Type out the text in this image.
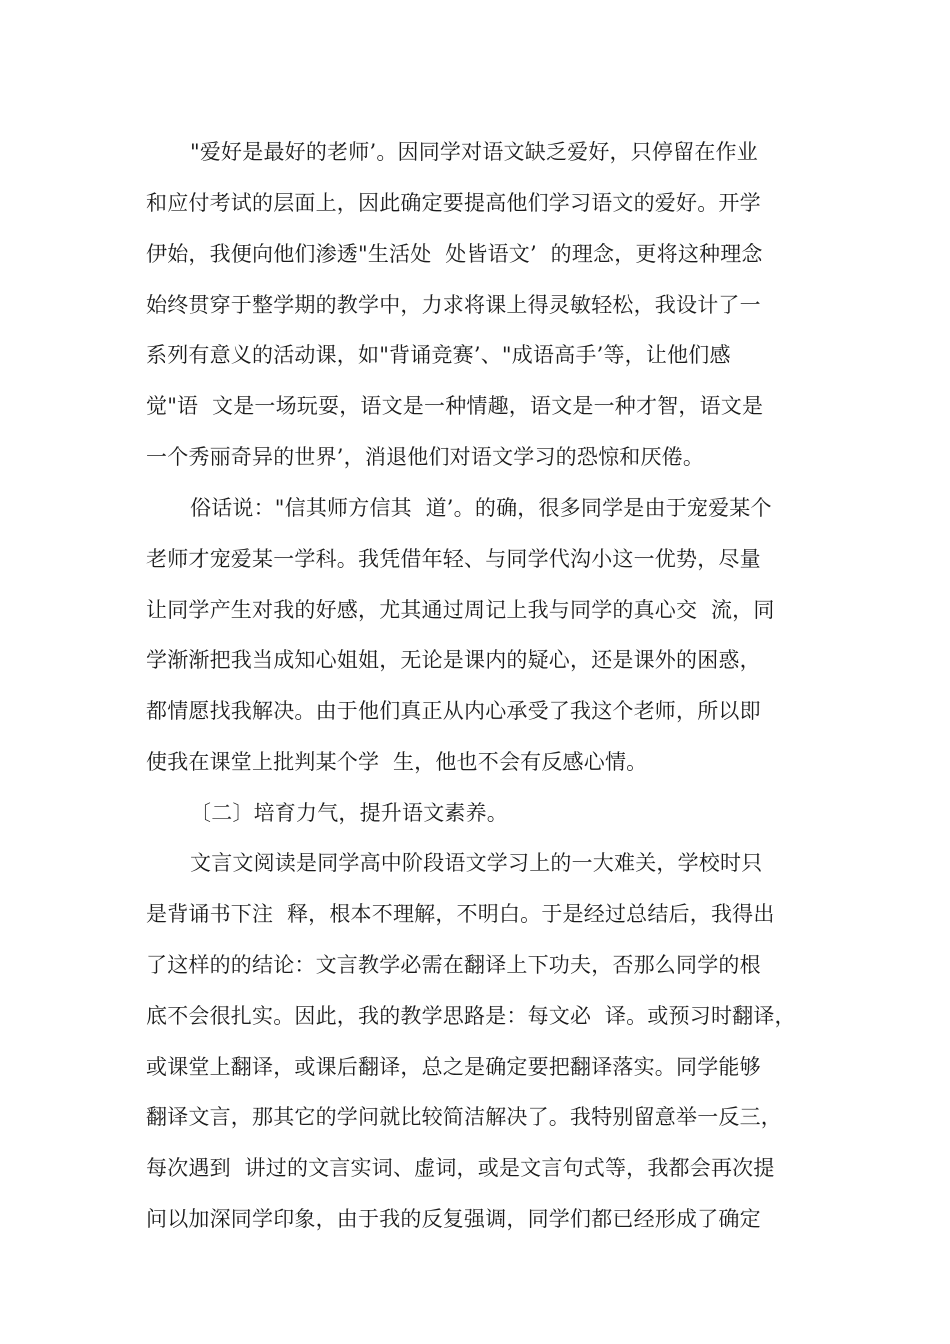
"爱好是最好的老师’。因同学对语文缺乏爱好，只停留在作业
和应付考试的层面上，因此确定要提高他们学习语文的爱好。开学
伊始，我便向他们渗透"生活处  处皆语文’  的理念，更将这种理念
始终贯穿于整学期的教学中，力求将课上得灵敏轻松，我设计了一
系列有意义的活动课，如"背诵竞赛’、"成语高手’等，让他们感
觉"语  文是一场玩耍，语文是一种情趣，语文是一种才智，语文是
一个秀丽奇异的世界’，消退他们对语文学习的恐惊和厌倦。
俗话说："信其师方信其  道’。的确，很多同学是由于宠爱某个
老师才宠爱某一学科。我凭借年轻、与同学代沟小这一优势，尽量
让同学产生对我的好感，尤其通过周记上我与同学的真心交  流，同
学渐渐把我当成知心姐姐，无论是课内的疑心，还是课外的困惑，
都情愿找我解决。由于他们真正从内心承受了我这个老师，所以即
使我在课堂上批判某个学  生，他也不会有反感心情。
〔二〕培育力气，提升语文素养。
文言文阅读是同学高中阶段语文学习上的一大难关，学校时只
是背诵书下注  释，根本不理解，不明白。于是经过总结后，我得出
了这样的的结论：文言教学必需在翻译上下功夫，否那么同学的根
底不会很扎实。因此，我的教学思路是：每文必  译。或预习时翻译，
或课堂上翻译，或课后翻译，总之是确定要把翻译落实。同学能够
翻译文言，那其它的学问就比较简洁解决了。我特别留意举一反三，
每次遇到  讲过的文言实词、虚词，或是文言句式等，我都会再次提
问以加深同学印象，由于我的反复强调，同学们都已经形成了确定
